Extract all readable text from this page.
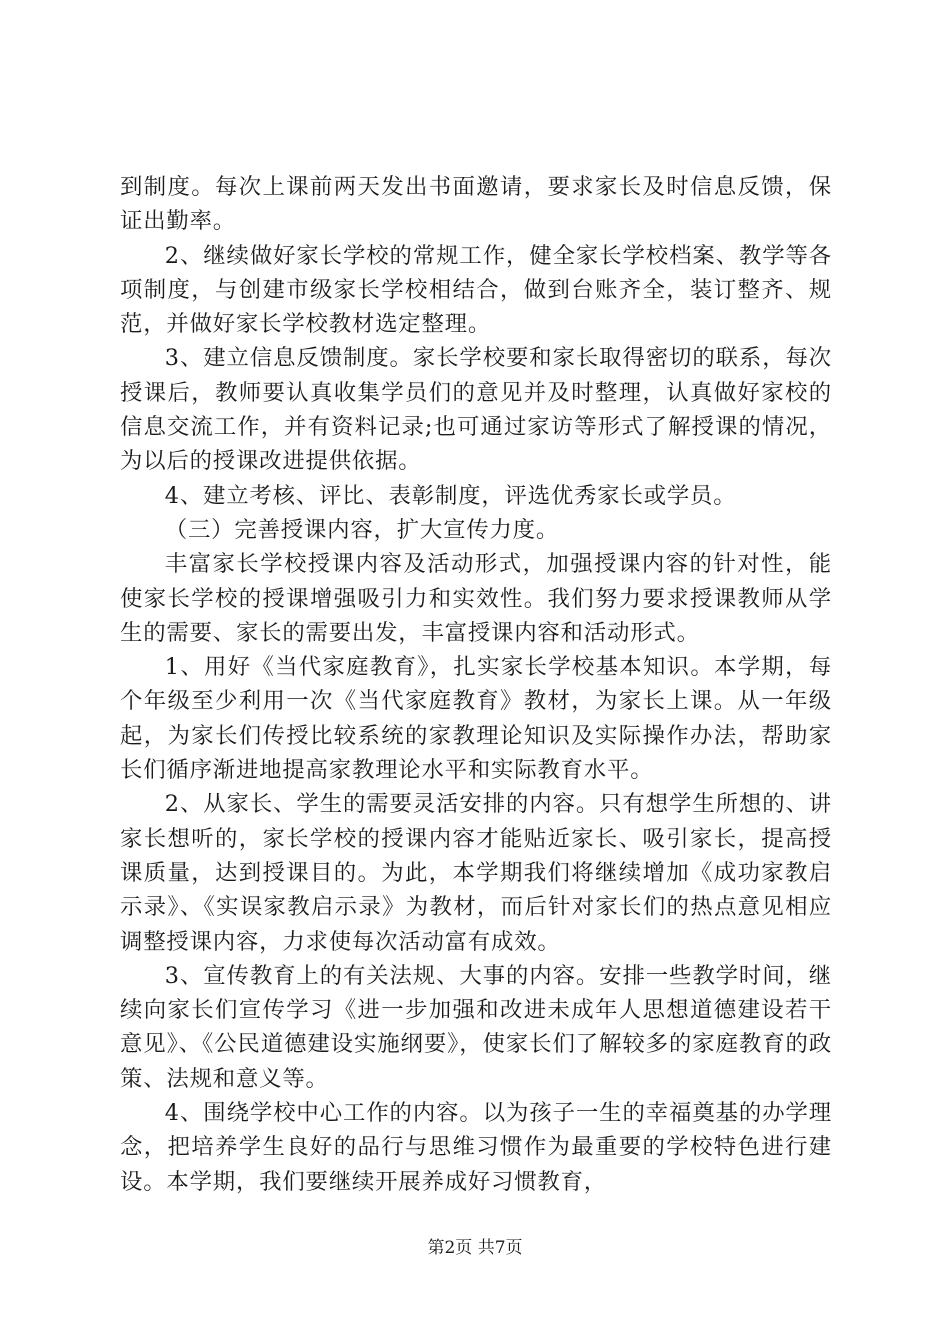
到制度。每次上课前两天发出书面邀请，要求家长及时信息反馈，保证出勤率。

2、继续做好家长学校的常规工作，健全家长学校档案、教学等各项制度，与创建市级家长学校相结合，做到台账齐全，装订整齐、规范，并做好家长学校教材选定整理。

3、建立信息反馈制度。家长学校要和家长取得密切的联系，每次授课后，教师要认真收集学员们的意见并及时整理，认真做好家校的信息交流工作，并有资料记录;也可通过家访等形式了解授课的情况，为以后的授课改进提供依据。

4、建立考核、评比、表彰制度，评选优秀家长或学员。

（三）完善授课内容，扩大宣传力度。

丰富家长学校授课内容及活动形式，加强授课内容的针对性，能使家长学校的授课增强吸引力和实效性。我们努力要求授课教师从学生的需要、家长的需要出发，丰富授课内容和活动形式。

1、用好《当代家庭教育》，扎实家长学校基本知识。本学期，每个年级至少利用一次《当代家庭教育》教材，为家长上课。从一年级起，为家长们传授比较系统的家教理论知识及实际操作办法，帮助家长们循序渐进地提高家教理论水平和实际教育水平。

2、从家长、学生的需要灵活安排的内容。只有想学生所想的、讲家长想听的，家长学校的授课内容才能贴近家长、吸引家长，提高授课质量，达到授课目的。为此，本学期我们将继续增加《成功家教启示录》、《实误家教启示录》为教材，而后针对家长们的热点意见相应调整授课内容，力求使每次活动富有成效。

3、宣传教育上的有关法规、大事的内容。安排一些教学时间，继续向家长们宣传学习《进一步加强和改进未成年人思想道德建设若干意见》、《公民道德建设实施纲要》，使家长们了解较多的家庭教育的政策、法规和意义等。

4、围绕学校中心工作的内容。以为孩子一生的幸福奠基的办学理念，把培养学生良好的品行与思维习惯作为最重要的学校特色进行建设。本学期，我们要继续开展养成好习惯教育，

第2页 共7页
